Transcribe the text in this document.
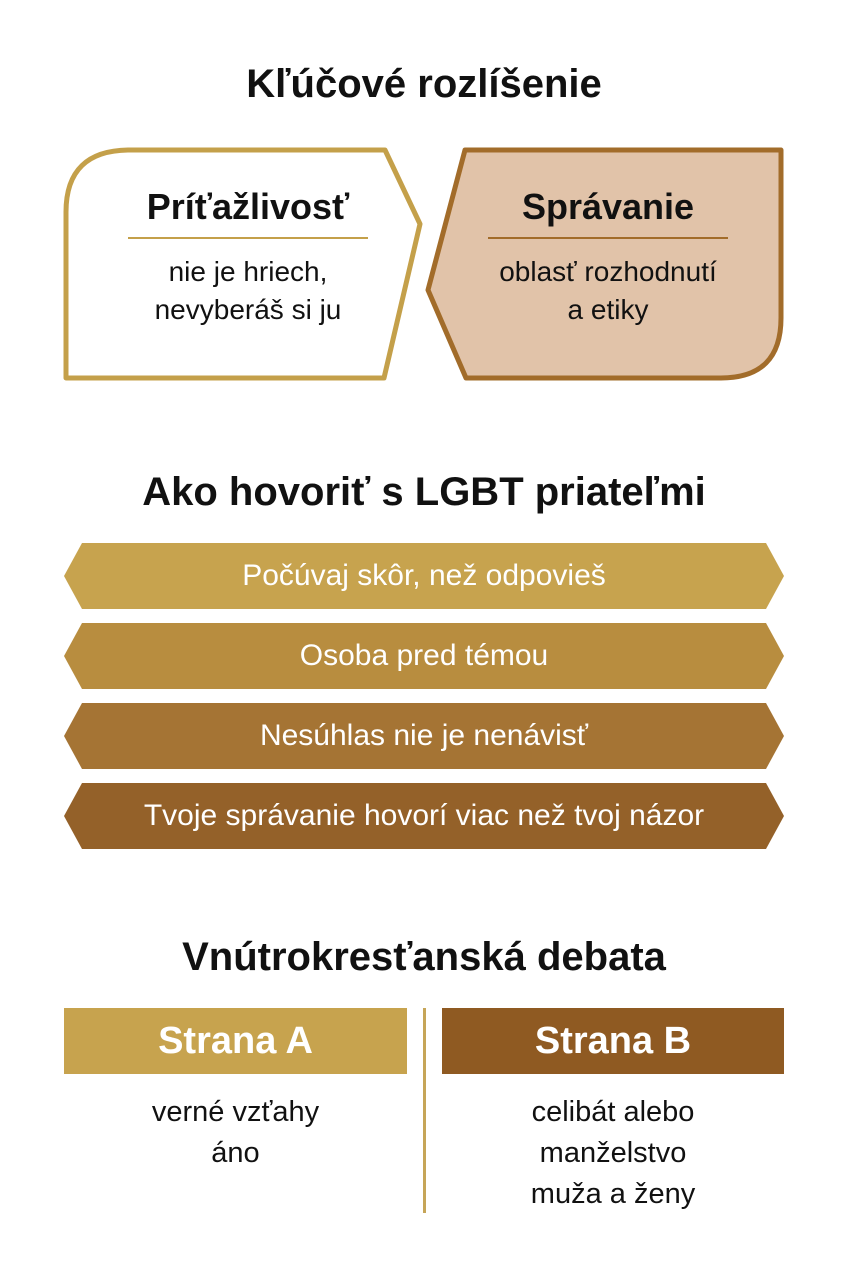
Kľúčové rozlíšenie
Príťažlivosť
nie je hriech,
nevyberáš si ju
Správanie
oblasť rozhodnutí
a etiky
Ako hovoriť s LGBT priateľmi
Počúvaj skôr, než odpovieš
Osoba pred témou
Nesúhlas nie je nenávisť
Tvoje správanie hovorí viac než tvoj názor
Vnútrokresťanská debata
Strana A	Strana B
verné vzťahy
áno
celibát alebo
manželstvo
muža a ženy
